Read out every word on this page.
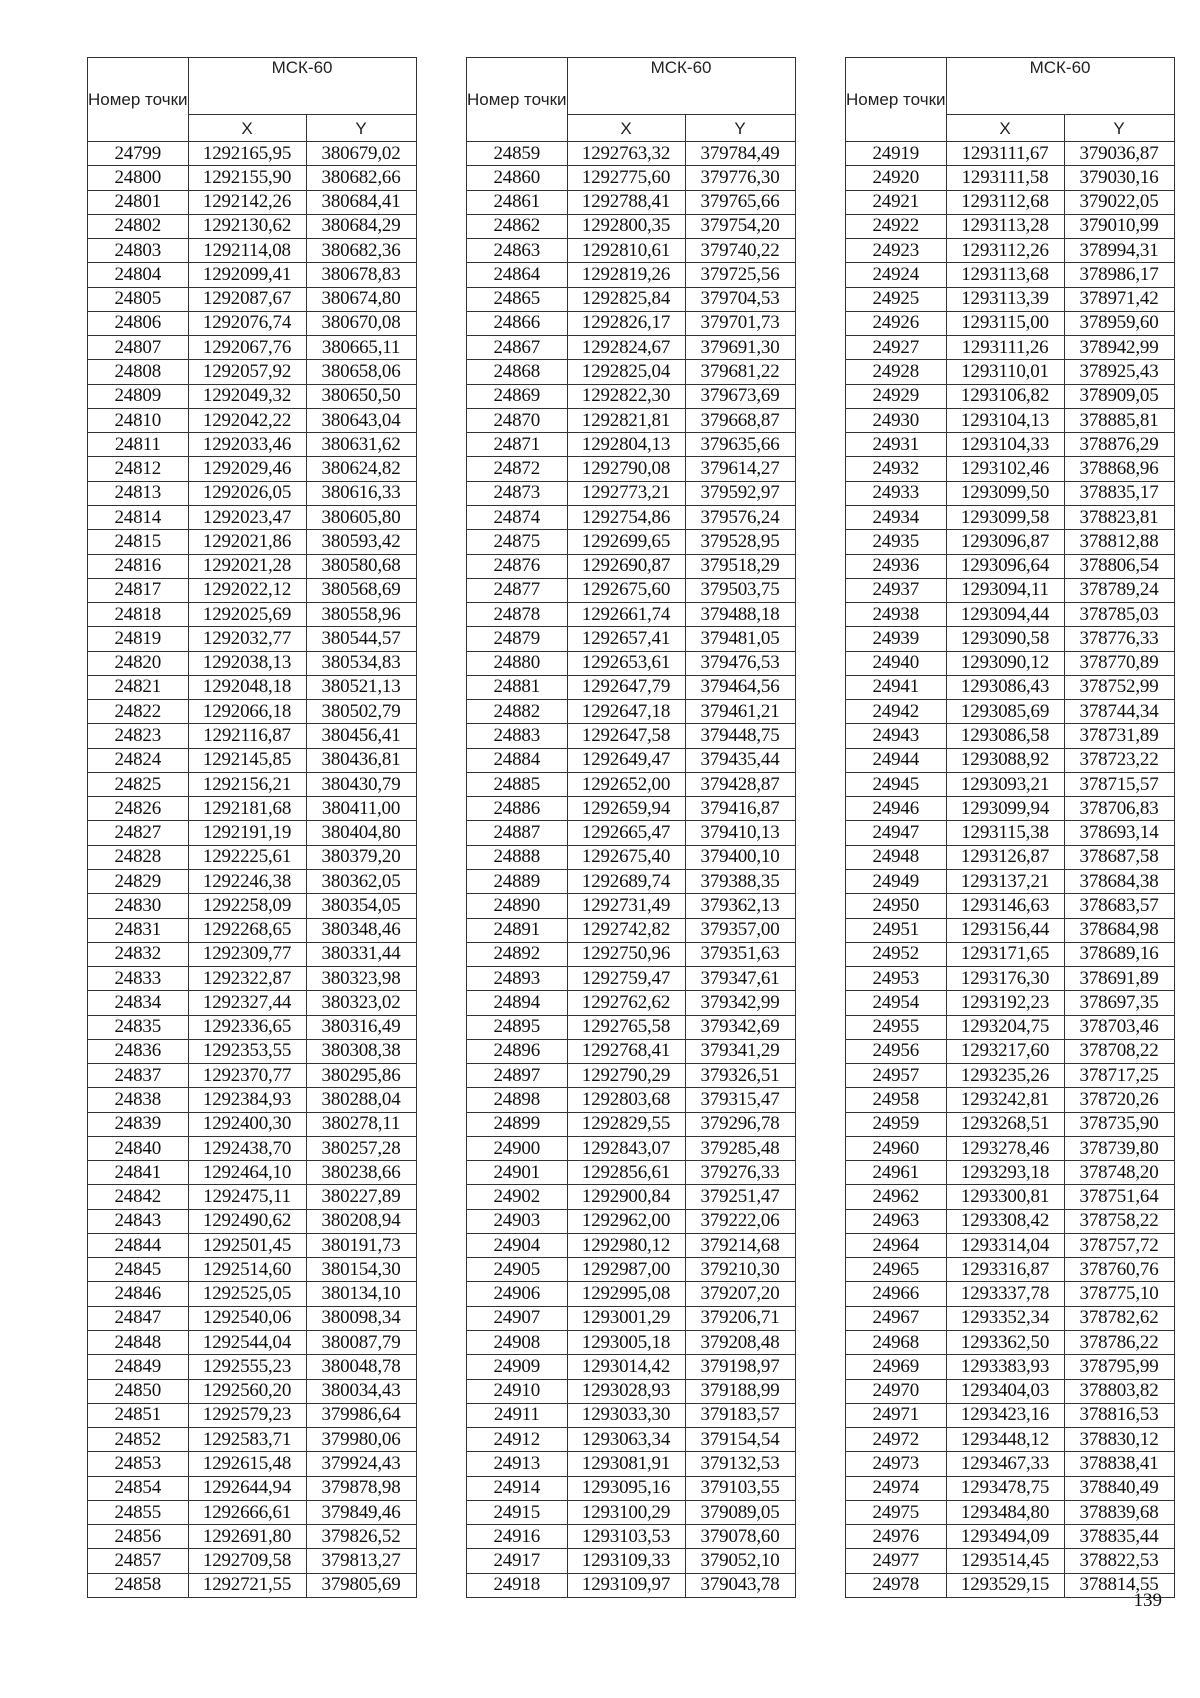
Номер точки	МСК-60	
	X	Y
24799	1292165,95	380679,02
24800	1292155,90	380682,66
24801	1292142,26	380684,41
24802	1292130,62	380684,29
24803	1292114,08	380682,36
24804	1292099,41	380678,83
24805	1292087,67	380674,80
24806	1292076,74	380670,08
24807	1292067,76	380665,11
24808	1292057,92	380658,06
24809	1292049,32	380650,50
24810	1292042,22	380643,04
24811	1292033,46	380631,62
24812	1292029,46	380624,82
24813	1292026,05	380616,33
24814	1292023,47	380605,80
24815	1292021,86	380593,42
24816	1292021,28	380580,68
24817	1292022,12	380568,69
24818	1292025,69	380558,96
24819	1292032,77	380544,57
24820	1292038,13	380534,83
24821	1292048,18	380521,13
24822	1292066,18	380502,79
24823	1292116,87	380456,41
24824	1292145,85	380436,81
24825	1292156,21	380430,79
24826	1292181,68	380411,00
24827	1292191,19	380404,80
24828	1292225,61	380379,20
24829	1292246,38	380362,05
24830	1292258,09	380354,05
24831	1292268,65	380348,46
24832	1292309,77	380331,44
24833	1292322,87	380323,98
24834	1292327,44	380323,02
24835	1292336,65	380316,49
24836	1292353,55	380308,38
24837	1292370,77	380295,86
24838	1292384,93	380288,04
24839	1292400,30	380278,11
24840	1292438,70	380257,28
24841	1292464,10	380238,66
24842	1292475,11	380227,89
24843	1292490,62	380208,94
24844	1292501,45	380191,73
24845	1292514,60	380154,30
24846	1292525,05	380134,10
24847	1292540,06	380098,34
24848	1292544,04	380087,79
24849	1292555,23	380048,78
24850	1292560,20	380034,43
24851	1292579,23	379986,64
24852	1292583,71	379980,06
24853	1292615,48	379924,43
24854	1292644,94	379878,98
24855	1292666,61	379849,46
24856	1292691,80	379826,52
24857	1292709,58	379813,27
24858	1292721,55	379805,69
Номер точки	МСК-60	
	X	Y
24859	1292763,32	379784,49
24860	1292775,60	379776,30
24861	1292788,41	379765,66
24862	1292800,35	379754,20
24863	1292810,61	379740,22
24864	1292819,26	379725,56
24865	1292825,84	379704,53
24866	1292826,17	379701,73
24867	1292824,67	379691,30
24868	1292825,04	379681,22
24869	1292822,30	379673,69
24870	1292821,81	379668,87
24871	1292804,13	379635,66
24872	1292790,08	379614,27
24873	1292773,21	379592,97
24874	1292754,86	379576,24
24875	1292699,65	379528,95
24876	1292690,87	379518,29
24877	1292675,60	379503,75
24878	1292661,74	379488,18
24879	1292657,41	379481,05
24880	1292653,61	379476,53
24881	1292647,79	379464,56
24882	1292647,18	379461,21
24883	1292647,58	379448,75
24884	1292649,47	379435,44
24885	1292652,00	379428,87
24886	1292659,94	379416,87
24887	1292665,47	379410,13
24888	1292675,40	379400,10
24889	1292689,74	379388,35
24890	1292731,49	379362,13
24891	1292742,82	379357,00
24892	1292750,96	379351,63
24893	1292759,47	379347,61
24894	1292762,62	379342,99
24895	1292765,58	379342,69
24896	1292768,41	379341,29
24897	1292790,29	379326,51
24898	1292803,68	379315,47
24899	1292829,55	379296,78
24900	1292843,07	379285,48
24901	1292856,61	379276,33
24902	1292900,84	379251,47
24903	1292962,00	379222,06
24904	1292980,12	379214,68
24905	1292987,00	379210,30
24906	1292995,08	379207,20
24907	1293001,29	379206,71
24908	1293005,18	379208,48
24909	1293014,42	379198,97
24910	1293028,93	379188,99
24911	1293033,30	379183,57
24912	1293063,34	379154,54
24913	1293081,91	379132,53
24914	1293095,16	379103,55
24915	1293100,29	379089,05
24916	1293103,53	379078,60
24917	1293109,33	379052,10
24918	1293109,97	379043,78
Номер точки	МСК-60	
	X	Y
24919	1293111,67	379036,87
24920	1293111,58	379030,16
24921	1293112,68	379022,05
24922	1293113,28	379010,99
24923	1293112,26	378994,31
24924	1293113,68	378986,17
24925	1293113,39	378971,42
24926	1293115,00	378959,60
24927	1293111,26	378942,99
24928	1293110,01	378925,43
24929	1293106,82	378909,05
24930	1293104,13	378885,81
24931	1293104,33	378876,29
24932	1293102,46	378868,96
24933	1293099,50	378835,17
24934	1293099,58	378823,81
24935	1293096,87	378812,88
24936	1293096,64	378806,54
24937	1293094,11	378789,24
24938	1293094,44	378785,03
24939	1293090,58	378776,33
24940	1293090,12	378770,89
24941	1293086,43	378752,99
24942	1293085,69	378744,34
24943	1293086,58	378731,89
24944	1293088,92	378723,22
24945	1293093,21	378715,57
24946	1293099,94	378706,83
24947	1293115,38	378693,14
24948	1293126,87	378687,58
24949	1293137,21	378684,38
24950	1293146,63	378683,57
24951	1293156,44	378684,98
24952	1293171,65	378689,16
24953	1293176,30	378691,89
24954	1293192,23	378697,35
24955	1293204,75	378703,46
24956	1293217,60	378708,22
24957	1293235,26	378717,25
24958	1293242,81	378720,26
24959	1293268,51	378735,90
24960	1293278,46	378739,80
24961	1293293,18	378748,20
24962	1293300,81	378751,64
24963	1293308,42	378758,22
24964	1293314,04	378757,72
24965	1293316,87	378760,76
24966	1293337,78	378775,10
24967	1293352,34	378782,62
24968	1293362,50	378786,22
24969	1293383,93	378795,99
24970	1293404,03	378803,82
24971	1293423,16	378816,53
24972	1293448,12	378830,12
24973	1293467,33	378838,41
24974	1293478,75	378840,49
24975	1293484,80	378839,68
24976	1293494,09	378835,44
24977	1293514,45	378822,53
24978	1293529,15	378814,55
139
